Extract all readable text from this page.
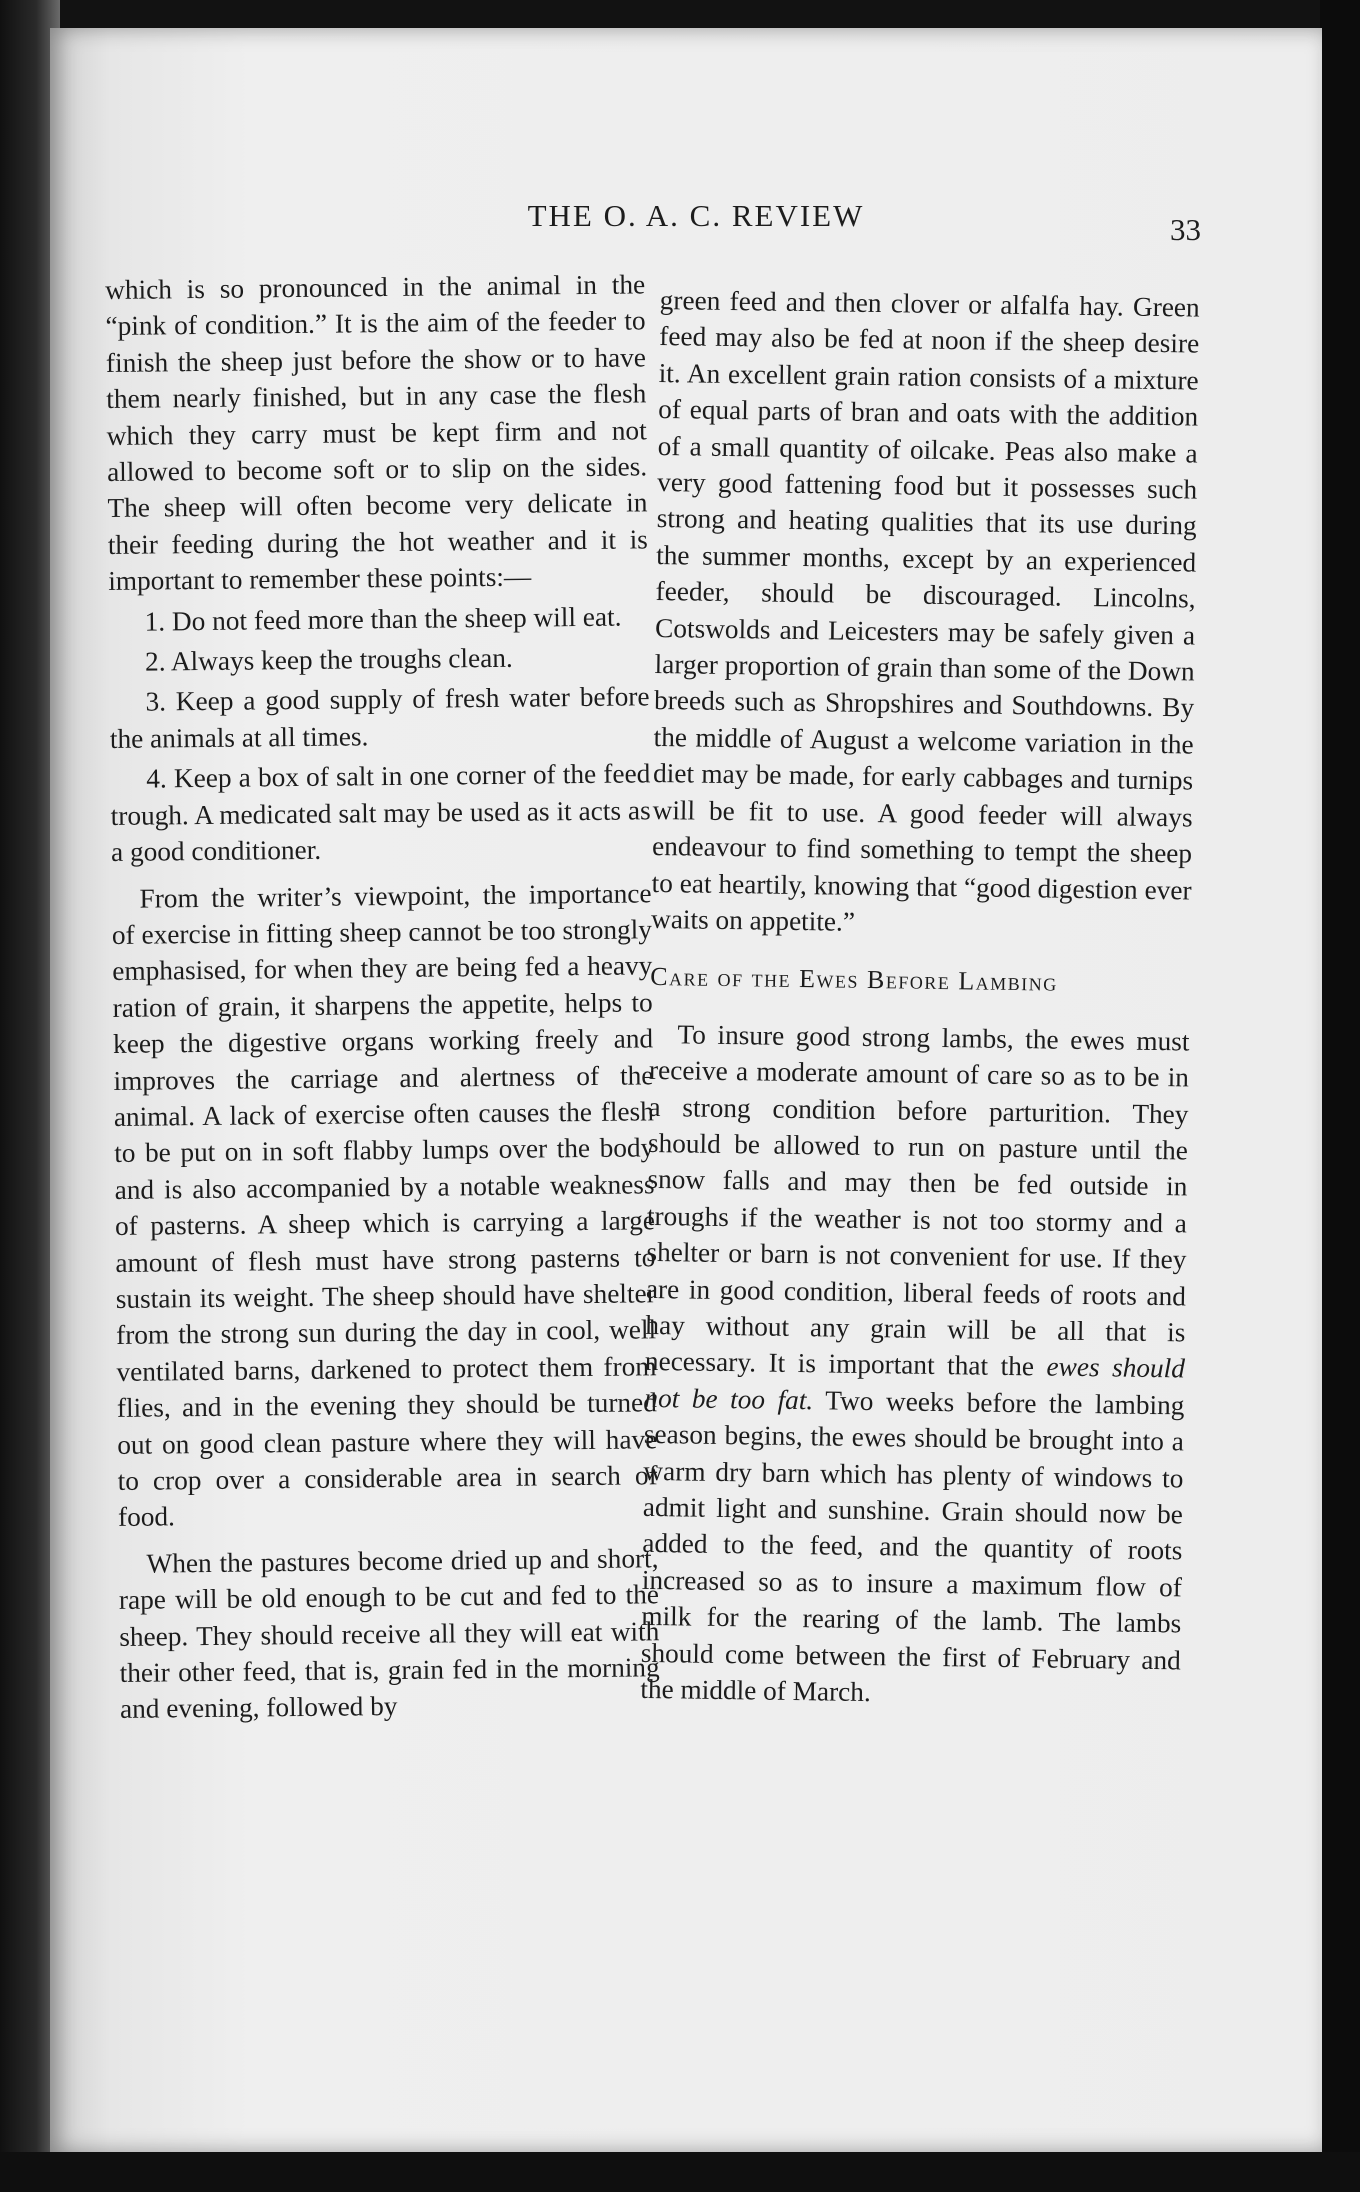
THE O. A. C. REVIEW	33

which is so pronounced in the animal in the “pink of condition.” It is the aim of the feeder to finish the sheep just before the show or to have them nearly finished, but in any case the flesh which they carry must be kept firm and not allowed to become soft or to slip on the sides. The sheep will often become very delicate in their feeding during the hot weather and it is important to remember these points:—

1. Do not feed more than the sheep will eat.

2. Always keep the troughs clean.

3. Keep a good supply of fresh water before the animals at all times.

4. Keep a box of salt in one corner of the feed trough. A medicated salt may be used as it acts as a good conditioner.

From the writer’s viewpoint, the importance of exercise in fitting sheep cannot be too strongly emphasised, for when they are being fed a heavy ration of grain, it sharpens the appetite, helps to keep the digestive organs working freely and improves the carriage and alertness of the animal. A lack of exercise often causes the flesh to be put on in soft flabby lumps over the body and is also accompanied by a notable weakness of pasterns. A sheep which is carrying a large amount of flesh must have strong pasterns to sustain its weight. The sheep should have shelter from the strong sun during the day in cool, well ventilated barns, darkened to protect them from flies, and in the evening they should be turned out on good clean pasture where they will have to crop over a considerable area in search of food.

When the pastures become dried up and short, rape will be old enough to be cut and fed to the sheep. They should receive all they will eat with their other feed, that is, grain fed in the morning and evening, followed by

green feed and then clover or alfalfa hay. Green feed may also be fed at noon if the sheep desire it. An excellent grain ration consists of a mixture of equal parts of bran and oats with the addition of a small quantity of oilcake. Peas also make a very good fattening food but it possesses such strong and heating qualities that its use during the summer months, except by an experienced feeder, should be discouraged. Lincolns, Cotswolds and Leicesters may be safely given a larger proportion of grain than some of the Down breeds such as Shropshires and Southdowns. By the middle of August a welcome variation in the diet may be made, for early cabbages and turnips will be fit to use. A good feeder will always endeavour to find something to tempt the sheep to eat heartily, knowing that “good digestion ever waits on appetite.”

Care of the Ewes Before Lambing

To insure good strong lambs, the ewes must receive a moderate amount of care so as to be in a strong condition before parturition. They should be allowed to run on pasture until the snow falls and may then be fed outside in troughs if the weather is not too stormy and a shelter or barn is not convenient for use. If they are in good condition, liberal feeds of roots and hay without any grain will be all that is necessary. It is important that the ewes should not be too fat. Two weeks before the lambing season begins, the ewes should be brought into a warm dry barn which has plenty of windows to admit light and sunshine. Grain should now be added to the feed, and the quantity of roots increased so as to insure a maximum flow of milk for the rearing of the lamb. The lambs should come between the first of February and the middle of March.
